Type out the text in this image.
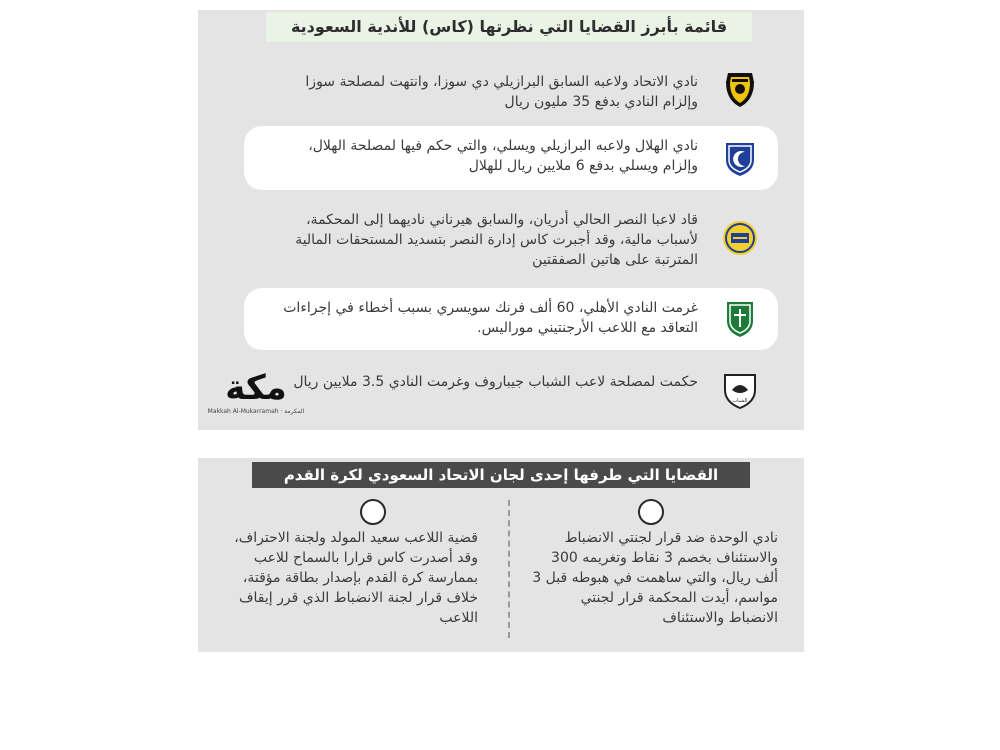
قائمة بأبرز القضايا التي نظرتها (كاس) للأندية السعودية
نادي الاتحاد ولاعبه السابق البرازيلي دي سوزا، وانتهت لمصلحة سوزا وإلزام النادي بدفع 35 مليون ريال
نادي الهلال ولاعبه البرازيلي ويسلي، والتي حكم فيها لمصلحة الهلال، وإلزام ويسلي بدفع 6 ملايين ريال للهلال
قاد لاعبا النصر الحالي أدريان، والسابق هيرناني ناديهما إلى المحكمة، لأسباب مالية، وقد أجبرت كاس إدارة النصر بتسديد المستحقات المالية المترتبة على هاتين الصفقتين
غرمت النادي الأهلي، 60 ألف فرنك سويسري بسبب أخطاء في إجراءات التعاقد مع اللاعب الأرجنتيني موراليس.
الشباب
حكمت لمصلحة لاعب الشباب جيباروف وغرمت النادي 3.5 ملايين ريال
مكة
Makkah Al-Mukarramah · المكرمة
القضايا التي طرفها إحدى لجان الاتحاد السعودي لكرة القدم
نادي الوحدة ضد قرار لجنتي الانضباط والاستئناف بخصم 3 نقاط وتغريمه 300 ألف ريال، والتي ساهمت في هبوطه قبل 3 مواسم، أيدت المحكمة قرار لجنتي الانضباط والاستئناف
قضية اللاعب سعيد المولد ولجنة الاحتراف، وقد أصدرت كاس قرارا بالسماح للاعب بممارسة كرة القدم بإصدار بطاقة مؤقتة، خلاف قرار لجنة الانضباط الذي قرر إيقاف اللاعب
